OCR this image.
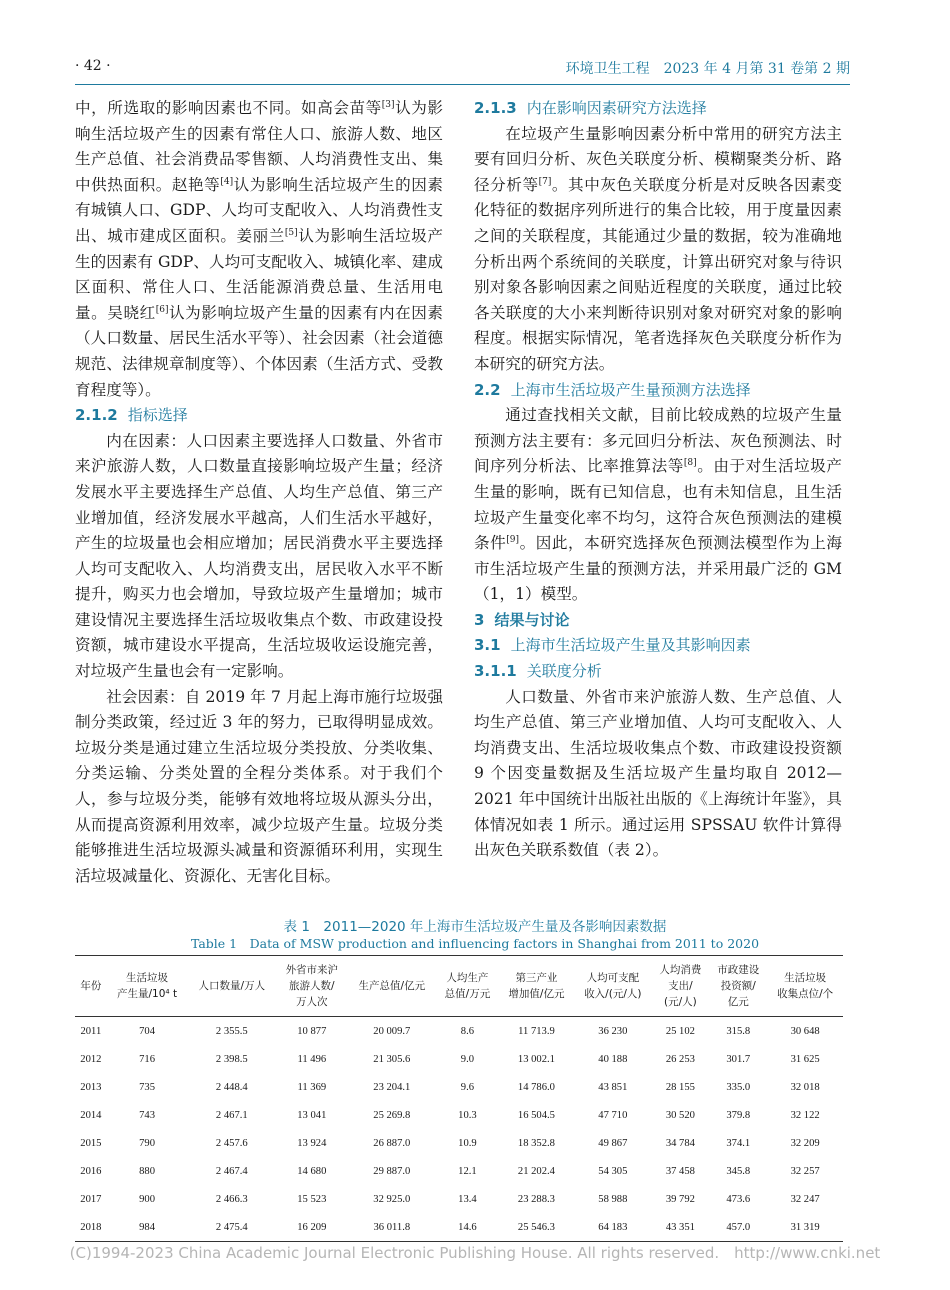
· 42 ·	环境卫生工程　2023 年 4 月第 31 卷第 2 期

中，所选取的影响因素也不同。如高会苗等[3]认为影响生活垃圾产生的因素有常住人口、旅游人数、地区生产总值、社会消费品零售额、人均消费性支出、集中供热面积。赵艳等[4]认为影响生活垃圾产生的因素有城镇人口、GDP、人均可支配收入、人均消费性支出、城市建成区面积。姜丽兰[5]认为影响生活垃圾产生的因素有 GDP、人均可支配收入、城镇化率、建成区面积、常住人口、生活能源消费总量、生活用电量。吴晓红[6]认为影响垃圾产生量的因素有内在因素（人口数量、居民生活水平等）、社会因素（社会道德规范、法律规章制度等）、个体因素（生活方式、受教育程度等）。

2.1.2 指标选择

内在因素：人口因素主要选择人口数量、外省市来沪旅游人数，人口数量直接影响垃圾产生量；经济发展水平主要选择生产总值、人均生产总值、第三产业增加值，经济发展水平越高，人们生活水平越好，产生的垃圾量也会相应增加；居民消费水平主要选择人均可支配收入、人均消费支出，居民收入水平不断提升，购买力也会增加，导致垃圾产生量增加；城市建设情况主要选择生活垃圾收集点个数、市政建设投资额，城市建设水平提高，生活垃圾收运设施完善，对垃圾产生量也会有一定影响。

社会因素：自 2019 年 7 月起上海市施行垃圾强制分类政策，经过近 3 年的努力，已取得明显成效。垃圾分类是通过建立生活垃圾分类投放、分类收集、分类运输、分类处置的全程分类体系。对于我们个人，参与垃圾分类，能够有效地将垃圾从源头分出，从而提高资源利用效率，减少垃圾产生量。垃圾分类能够推进生活垃圾源头减量和资源循环利用，实现生活垃圾减量化、资源化、无害化目标。

2.1.3 内在影响因素研究方法选择

在垃圾产生量影响因素分析中常用的研究方法主要有回归分析、灰色关联度分析、模糊聚类分析、路径分析等[7]。其中灰色关联度分析是对反映各因素变化特征的数据序列所进行的集合比较，用于度量因素之间的关联程度，其能通过少量的数据，较为准确地分析出两个系统间的关联度，计算出研究对象与待识别对象各影响因素之间贴近程度的关联度，通过比较各关联度的大小来判断待识别对象对研究对象的影响程度。根据实际情况，笔者选择灰色关联度分析作为本研究的研究方法。

2.2 上海市生活垃圾产生量预测方法选择

通过查找相关文献，目前比较成熟的垃圾产生量预测方法主要有：多元回归分析法、灰色预测法、时间序列分析法、比率推算法等[8]。由于对生活垃圾产生量的影响，既有已知信息，也有未知信息，且生活垃圾产生量变化率不均匀，这符合灰色预测法的建模条件[9]。因此，本研究选择灰色预测法模型作为上海市生活垃圾产生量的预测方法，并采用最广泛的 GM（1，1）模型。

3 结果与讨论
3.1 上海市生活垃圾产生量及其影响因素
3.1.1 关联度分析

人口数量、外省市来沪旅游人数、生产总值、人均生产总值、第三产业增加值、人均可支配收入、人均消费支出、生活垃圾收集点个数、市政建设投资额 9 个因变量数据及生活垃圾产生量均取自 2012—2021 年中国统计出版社出版的《上海统计年鉴》，具体情况如表 1 所示。通过运用 SPSSAU 软件计算得出灰色关联系数值（表 2）。

表 1　2011—2020 年上海市生活垃圾产生量及各影响因素数据
Table 1　Data of MSW production and influencing factors in Shanghai from 2011 to 2020
年份	生活垃圾
产生量/10⁴ t	人口数量/万人	外省市来沪
旅游人数/
万人次	生产总值/亿元	人均生产
总值/万元	第三产业
增加值/亿元	人均可支配
收入/(元/人)	人均消费
支出/
(元/人)	市政建设
投资额/
亿元	生活垃圾
收集点位/个
2011	704	2 355.5	10 877	20 009.7	8.6	11 713.9	36 230	25 102	315.8	30 648
2012	716	2 398.5	11 496	21 305.6	9.0	13 002.1	40 188	26 253	301.7	31 625
2013	735	2 448.4	11 369	23 204.1	9.6	14 786.0	43 851	28 155	335.0	32 018
2014	743	2 467.1	13 041	25 269.8	10.3	16 504.5	47 710	30 520	379.8	32 122
2015	790	2 457.6	13 924	26 887.0	10.9	18 352.8	49 867	34 784	374.1	32 209
2016	880	2 467.4	14 680	29 887.0	12.1	21 202.4	54 305	37 458	345.8	32 257
2017	900	2 466.3	15 523	32 925.0	13.4	23 288.3	58 988	39 792	473.6	32 247
2018	984	2 475.4	16 209	36 011.8	14.6	25 546.3	64 183	43 351	457.0	31 319
(C)1994-2023 China Academic Journal Electronic Publishing House. All rights reserved.　http://www.cnki.net
